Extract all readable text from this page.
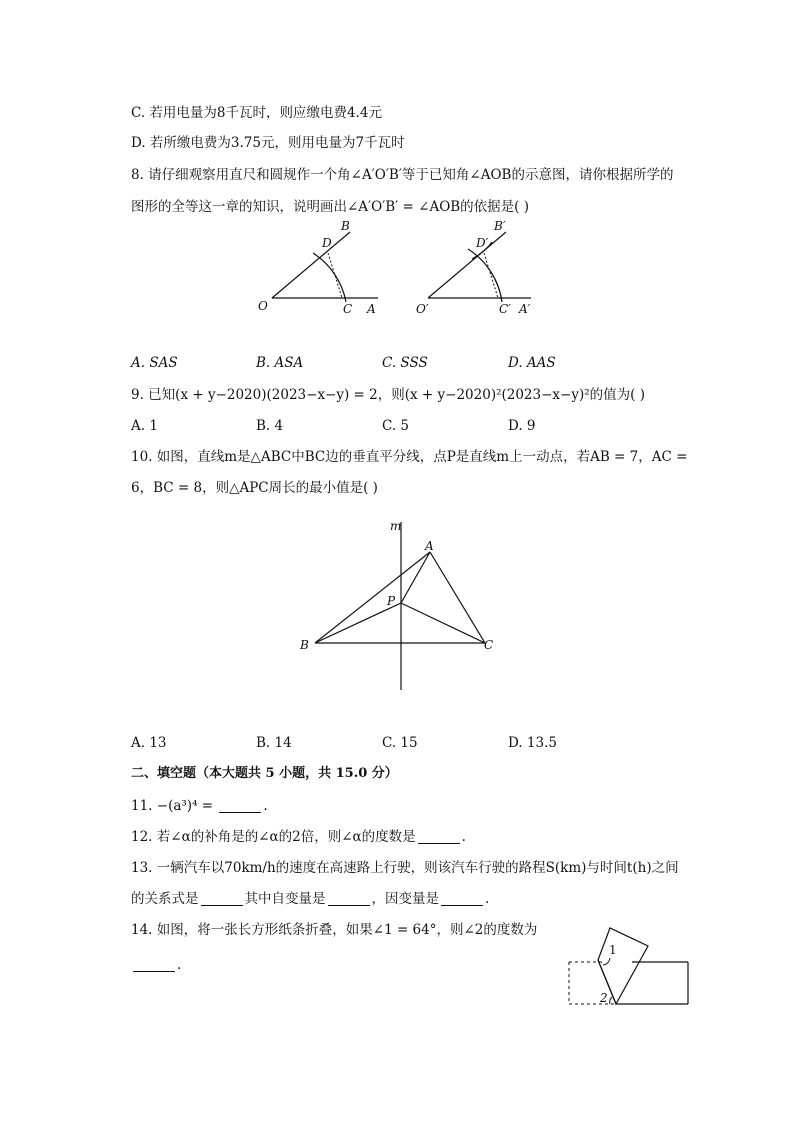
C. 若用电量为8千瓦时，则应缴电费4.4元
D. 若所缴电费为3.75元，则用电量为7千瓦时
8. 请仔细观察用直尺和圆规作一个角∠A′O′B′等于已知角∠AOB的示意图，请你根据所学的
图形的全等这一章的知识，说明画出∠A′O′B′ = ∠AOB的依据是( )
O	C A
B
D
O′	C′ A′
B′
D′
A. SAS	B. ASA	C. SSS	D. AAS
9. 已知(x + y−2020)(2023−x−y) = 2，则(x + y−2020)²(2023−x−y)²的值为( )
A. 1	B. 4	C. 5	D. 9
10. 如图，直线m是△ABC中BC边的垂直平分线，点P是直线m上一动点，若AB = 7，AC =
6，BC = 8，则△APC周长的最小值是( )
m
A
P
B	C
A. 13	B. 14	C. 15	D. 13.5
二、填空题（本大题共 5 小题，共 15.0 分）
11. −(a³)⁴ =	.
12. 若∠α的补角是的∠α的2倍，则∠α的度数是	.
13. 一辆汽车以70km/h的速度在高速路上行驶，则该汽车行驶的路程S(km)与时间t(h)之间
的关系式是	其中自变量是	，因变量是	.
14. 如图，将一张长方形纸条折叠，如果∠1 = 64°，则∠2的度数为
.
1
2
